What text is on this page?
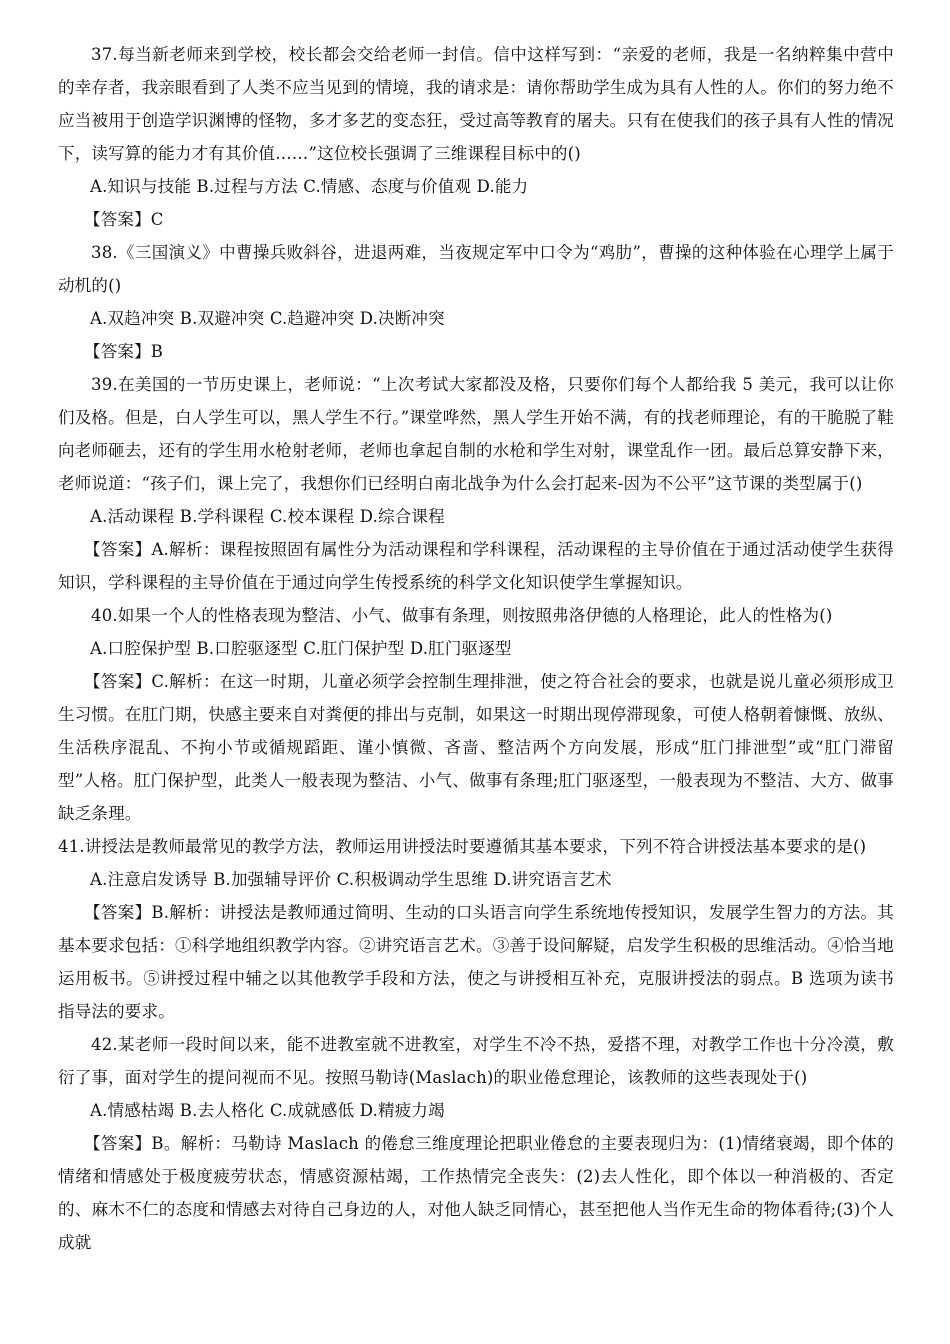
37.每当新老师来到学校，校长都会交给老师一封信。信中这样写到：“亲爱的老师，我是一名纳粹集中营中的幸存者，我亲眼看到了人类不应当见到的情境，我的请求是：请你帮助学生成为具有人性的人。你们的努力绝不应当被用于创造学识渊博的怪物，多才多艺的变态狂，受过高等教育的屠夫。只有在使我们的孩子具有人性的情况下，读写算的能力才有其价值……”这位校长强调了三维课程目标中的()

A.知识与技能 B.过程与方法 C.情感、态度与价值观 D.能力

【答案】C

38.《三国演义》中曹操兵败斜谷，进退两难，当夜规定军中口令为“鸡肋”，曹操的这种体验在心理学上属于动机的()

A.双趋冲突 B.双避冲突 C.趋避冲突 D.决断冲突

【答案】B

39.在美国的一节历史课上，老师说：“上次考试大家都没及格，只要你们每个人都给我 5 美元，我可以让你们及格。但是，白人学生可以，黑人学生不行。”课堂哗然，黑人学生开始不满，有的找老师理论，有的干脆脱了鞋向老师砸去，还有的学生用水枪射老师，老师也拿起自制的水枪和学生对射，课堂乱作一团。最后总算安静下来，老师说道：“孩子们，课上完了，我想你们已经明白南北战争为什么会打起来-因为不公平”这节课的类型属于()

A.活动课程 B.学科课程 C.校本课程 D.综合课程

【答案】A.解析：课程按照固有属性分为活动课程和学科课程，活动课程的主导价值在于通过活动使学生获得知识，学科课程的主导价值在于通过向学生传授系统的科学文化知识使学生掌握知识。

40.如果一个人的性格表现为整洁、小气、做事有条理，则按照弗洛伊德的人格理论，此人的性格为()

A.口腔保护型 B.口腔驱逐型 C.肛门保护型 D.肛门驱逐型

【答案】C.解析：在这一时期，儿童必须学会控制生理排泄，使之符合社会的要求，也就是说儿童必须形成卫生习惯。在肛门期，快感主要来自对粪便的排出与克制，如果这一时期出现停滞现象，可使人格朝着慷慨、放纵、生活秩序混乱、不拘小节或循规蹈距、谨小慎微、吝啬、整洁两个方向发展，形成“肛门排泄型”或“肛门滞留型”人格。肛门保护型，此类人一般表现为整洁、小气、做事有条理;肛门驱逐型，一般表现为不整洁、大方、做事缺乏条理。

41.讲授法是教师最常见的教学方法，教师运用讲授法时要遵循其基本要求，下列不符合讲授法基本要求的是()

A.注意启发诱导 B.加强辅导评价 C.积极调动学生思维 D.讲究语言艺术

【答案】B.解析：讲授法是教师通过简明、生动的口头语言向学生系统地传授知识，发展学生智力的方法。其基本要求包括：①科学地组织教学内容。②讲究语言艺术。③善于设问解疑，启发学生积极的思维活动。④恰当地运用板书。⑤讲授过程中辅之以其他教学手段和方法，使之与讲授相互补充，克服讲授法的弱点。B 选项为读书指导法的要求。

42.某老师一段时间以来，能不进教室就不进教室，对学生不冷不热，爱搭不理，对教学工作也十分冷漠，敷衍了事，面对学生的提问视而不见。按照马勒诗(Maslach)的职业倦怠理论，该教师的这些表现处于()

A.情感枯竭 B.去人格化 C.成就感低 D.精疲力竭

【答案】B。解析：马勒诗 Maslach 的倦怠三维度理论把职业倦怠的主要表现归为：(1)情绪衰竭，即个体的情绪和情感处于极度疲劳状态，情感资源枯竭，工作热情完全丧失：(2)去人性化，即个体以一种消极的、否定的、麻木不仁的态度和情感去对待自己身边的人，对他人缺乏同情心，甚至把他人当作无生命的物体看待;(3)个人成就
